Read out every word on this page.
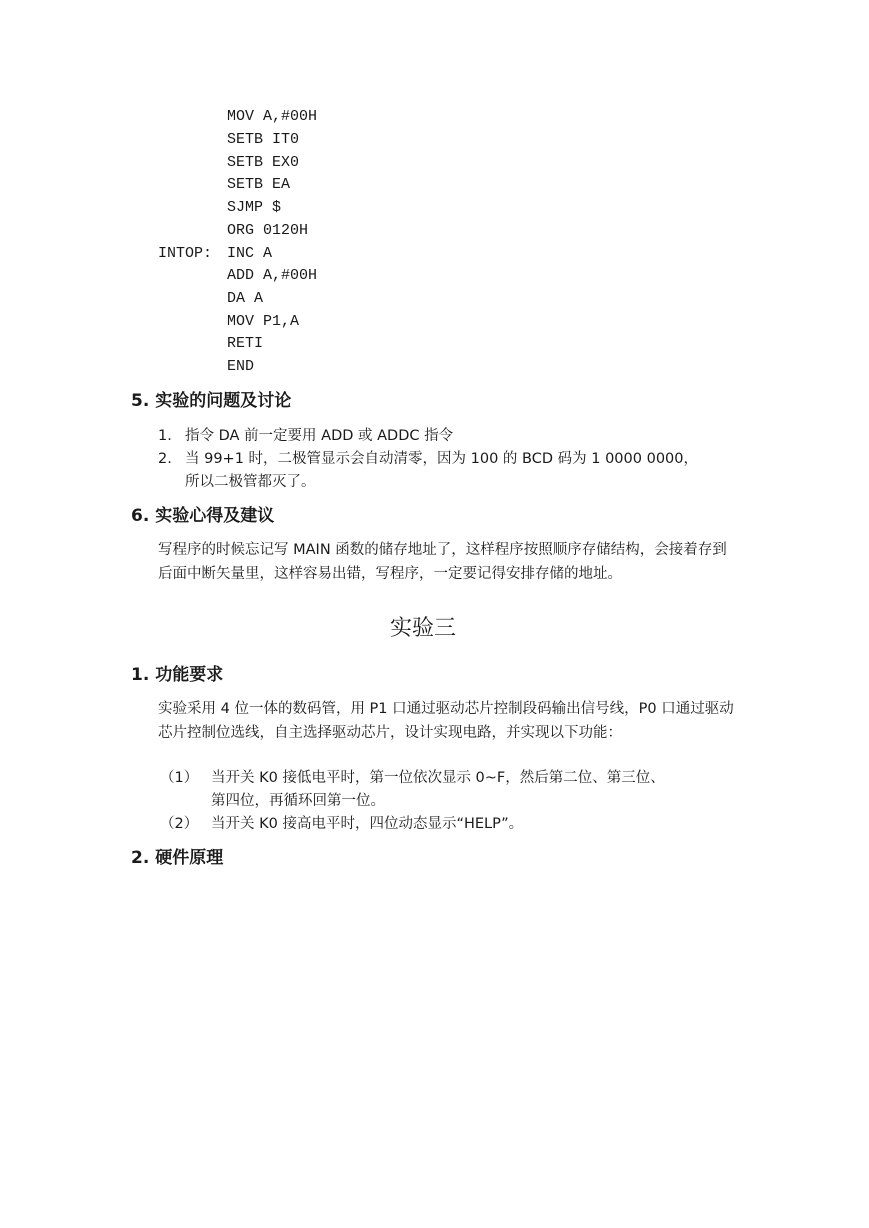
MOV A,#00H
SETB IT0
SETB EX0
SETB EA
SJMP $
ORG 0120H
INTOP: INC A
ADD A,#00H
DA A
MOV P1,A
RETI
END
5. 实验的问题及讨论
1. 指令 DA 前一定要用 ADD 或 ADDC 指令
2. 当 99+1 时，二极管显示会自动清零，因为 100 的 BCD 码为 1 0000 0000，
所以二极管都灭了。
6. 实验心得及建议
写程序的时候忘记写 MAIN 函数的储存地址了，这样程序按照顺序存储结构，会接着存到后面中断矢量里，这样容易出错，写程序，一定要记得安排存储的地址。
实验三
1. 功能要求
实验采用 4 位一体的数码管，用 P1 口通过驱动芯片控制段码输出信号线，P0 口通过驱动芯片控制位选线，自主选择驱动芯片，设计实现电路，并实现以下功能：
（1） 当开关 K0 接低电平时，第一位依次显示 0~F，然后第二位、第三位、
第四位，再循环回第一位。
（2） 当开关 K0 接高电平时，四位动态显示“HELP”。
2. 硬件原理
